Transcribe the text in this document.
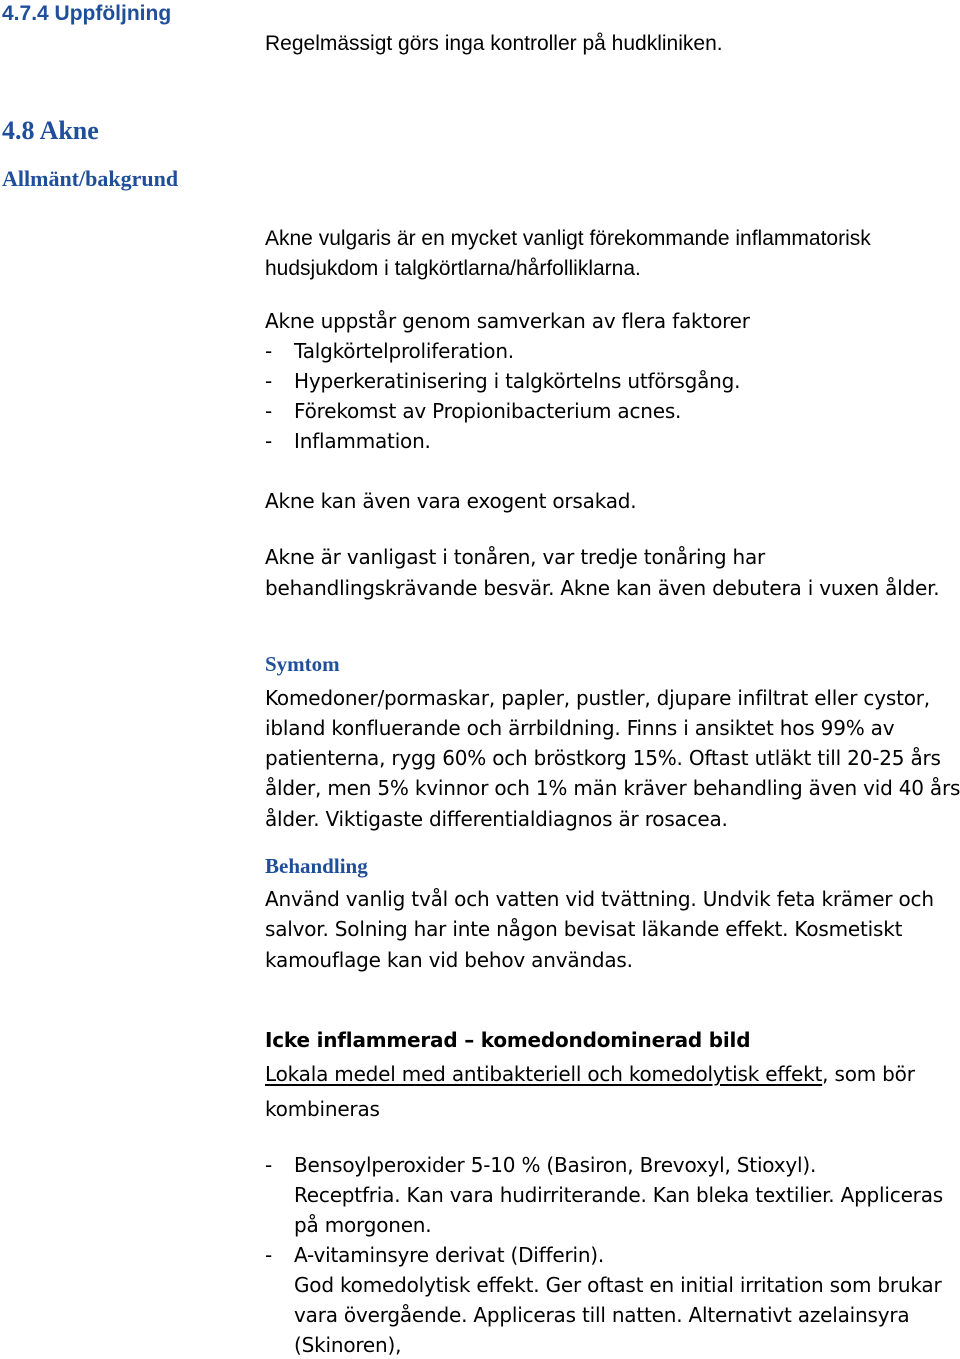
4.7.4 Uppföljning
Regelmässigt görs inga kontroller på hudkliniken.
4.8 Akne
Allmänt/bakgrund
Akne vulgaris är en mycket vanligt förekommande inflammatorisk
hudsjukdom i talgkörtlarna/hårfolliklarna.
Akne uppstår genom samverkan av flera faktorer
- Talgkörtelproliferation.
- Hyperkeratinisering i talgkörtelns utförsgång.
- Förekomst av Propionibacterium acnes.
- Inflammation.
Akne kan även vara exogent orsakad.
Akne är vanligast i tonåren, var tredje tonåring har
behandlingskrävande besvär. Akne kan även debutera i vuxen ålder.
Symtom
Komedoner/pormaskar, papler, pustler, djupare infiltrat eller cystor,
ibland konfluerande och ärrbildning. Finns i ansiktet hos 99% av
patienterna, rygg 60% och bröstkorg 15%. Oftast utläkt till 20-25 års
ålder, men 5% kvinnor och 1% män kräver behandling även vid 40 års
ålder. Viktigaste differentialdiagnos är rosacea.
Behandling
Använd vanlig tvål och vatten vid tvättning. Undvik feta krämer och
salvor. Solning har inte någon bevisat läkande effekt. Kosmetiskt
kamouflage kan vid behov användas.
Icke inflammerad – komedondominerad bild
Lokala medel med antibakteriell och komedolytisk effekt, som bör
kombineras
- Bensoylperoxider 5-10 % (Basiron, Brevoxyl, Stioxyl).
Receptfria. Kan vara hudirriterande. Kan bleka textilier. Appliceras
på morgonen.
- A-vitaminsyre derivat (Differin).
God komedolytisk effekt. Ger oftast en initial irritation som brukar
vara övergående. Appliceras till natten. Alternativt azelainsyra
(Skinoren),
